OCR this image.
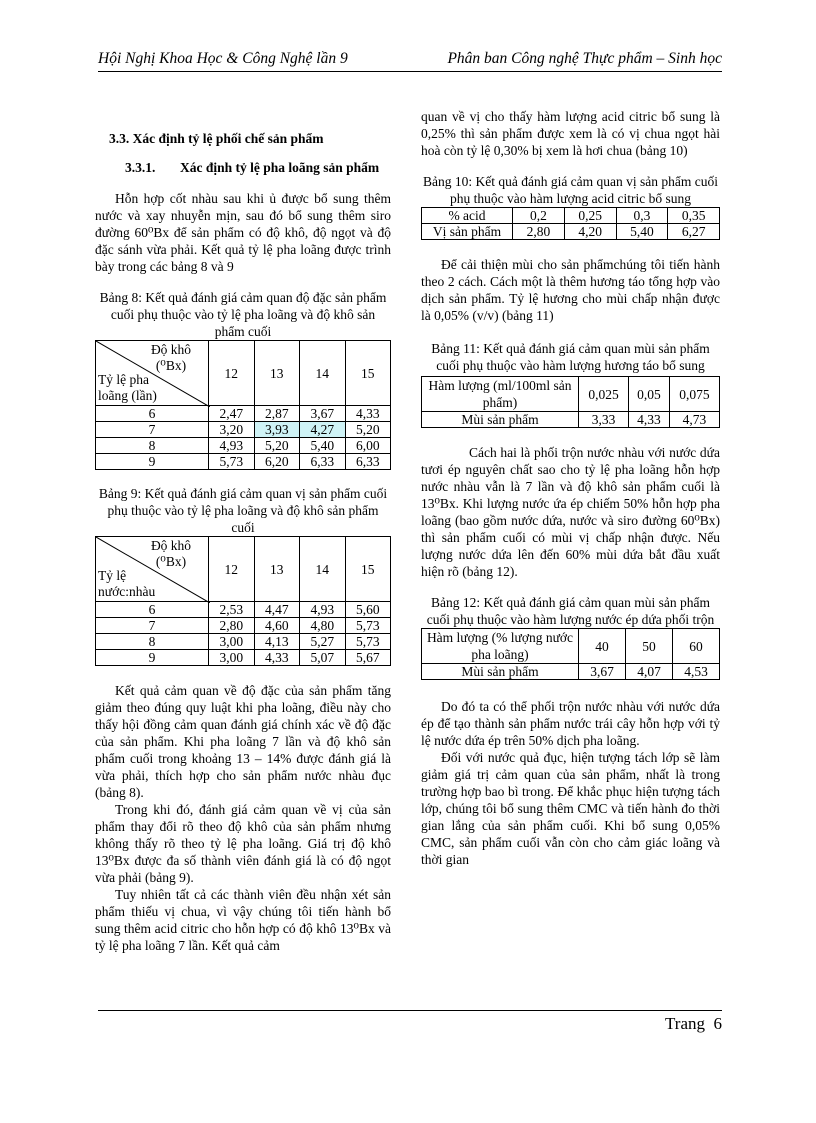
Hội Nghị Khoa Học & Công Nghệ lần 9	Phân ban Công nghệ Thực phẩm – Sinh học
3.3. Xác định tỷ lệ phối chế sản phẩm
3.3.1.	Xác định tỷ lệ pha loãng sản phẩm

Hỗn hợp cốt nhàu sau khi ủ được bổ sung thêm nước và xay nhuyễn mịn, sau đó bổ sung thêm siro đường 60⁰Bx để sản phẩm có độ khô, độ ngọt và độ đặc sánh vừa phải. Kết quả tỷ lệ pha loãng được trình bày trong các bảng 8 và 9

Bảng 8: Kết quả đánh giá cảm quan độ đặc sản phẩm cuối phụ thuộc vào tỷ lệ pha loãng và độ khô sản phẩm cuối

Độ khô (⁰Bx)
Tỷ lệ pha loãng (lần)	12	13	14	15
6	2,47	2,87	3,67	4,33
7	3,20	3,93	4,27	5,20
8	4,93	5,20	5,40	6,00
9	5,73	6,20	6,33	6,33

Bảng 9: Kết quả đánh giá cảm quan vị sản phẩm cuối phụ thuộc vào tỷ lệ pha loãng và độ khô sản phẩm cuối

Độ khô (⁰Bx)
Tỷ lệ nước:nhàu	12	13	14	15
6	2,53	4,47	4,93	5,60
7	2,80	4,60	4,80	5,73
8	3,00	4,13	5,27	5,73
9	3,00	4,33	5,07	5,67

Kết quả cảm quan về độ đặc của sản phẩm tăng giảm theo đúng quy luật khi pha loãng, điều này cho thấy hội đồng cảm quan đánh giá chính xác về độ đặc của sản phẩm. Khi pha loãng 7 lần và độ khô sản phẩm cuối trong khoảng 13 – 14% được đánh giá là vừa phải, thích hợp cho sản phẩm nước nhàu đục (bảng 8).

Trong khi đó, đánh giá cảm quan về vị của sản phẩm thay đổi rõ theo độ khô của sản phẩm nhưng không thấy rõ theo tỷ lệ pha loãng. Giá trị độ khô 13⁰Bx được đa số thành viên đánh giá là có độ ngọt vừa phải (bảng 9).

Tuy nhiên tất cả các thành viên đều nhận xét sản phẩm thiếu vị chua, vì vậy chúng tôi tiến hành bổ sung thêm acid citric cho hỗn hợp có độ khô 13⁰Bx và tỷ lệ pha loãng 7 lần. Kết quả cảm

quan về vị cho thấy hàm lượng acid citric bổ sung là 0,25% thì sản phẩm được xem là có vị chua ngọt hài hoà còn tỷ lệ 0,30% bị xem là hơi chua (bảng 10)

Bảng 10: Kết quả đánh giá cảm quan vị sản phẩm cuối phụ thuộc vào hàm lượng acid citric bổ sung

% acid	0,2	0,25	0,3	0,35
Vị sản phẩm	2,80	4,20	5,40	6,27

Để cải thiện mùi cho sản phẩmchúng tôi tiến hành theo 2 cách. Cách một là thêm hương táo tổng hợp vào dịch sản phẩm. Tỷ lệ hương cho mùi chấp nhận được là 0,05% (v/v) (bảng 11)

Bảng 11: Kết quả đánh giá cảm quan mùi sản phẩm cuối phụ thuộc vào hàm lượng hương táo bổ sung

Hàm lượng (ml/100ml sản phẩm)	0,025	0,05	0,075
Mùi sản phẩm	3,33	4,33	4,73

Cách hai là phối trộn nước nhàu với nước dứa tươi ép nguyên chất sao cho tỷ lệ pha loãng hỗn hợp nước nhàu vẫn là 7 lần và độ khô sản phẩm cuối là 13⁰Bx. Khi lượng nước ứa ép chiếm 50% hỗn hợp pha loãng (bao gồm nước dứa, nước và siro đường 60⁰Bx) thì sản phẩm cuối có mùi vị chấp nhận được. Nếu lượng nước dứa lên đến 60% mùi dứa bắt đầu xuất hiện rõ (bảng 12).

Bảng 12: Kết quả đánh giá cảm quan mùi sản phẩm cuối phụ thuộc vào hàm lượng nước ép dứa phối trộn

Hàm lượng (% lượng nước pha loãng)	40	50	60
Mùi sản phẩm	3,67	4,07	4,53

Do đó ta có thể phối trộn nước nhàu với nước dứa ép để tạo thành sản phẩm nước trái cây hỗn hợp với tỷ lệ nước dứa ép trên 50% dịch pha loãng.

Đối với nước quả đục, hiện tượng tách lớp sẽ làm giảm giá trị cảm quan của sản phẩm, nhất là trong trường hợp bao bì trong. Để khắc phục hiện tượng tách lớp, chúng tôi bổ sung thêm CMC và tiến hành đo thời gian lắng của sản phẩm cuối. Khi bổ sung 0,05% CMC, sản phẩm cuối vẫn còn cho cảm giác loãng và thời gian

Trang 6
